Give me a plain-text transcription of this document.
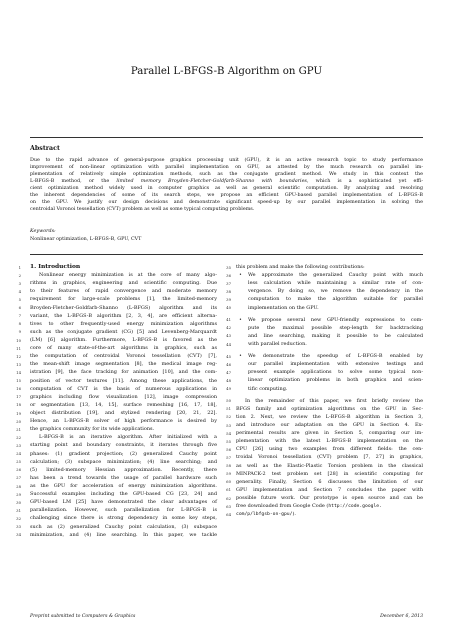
Parallel L-BFGS-B Algorithm on GPU
Abstract
Due to the rapid advance of general-purpose graphics processing unit (GPU), it is an active research topic to study performance
improvement of non-linear optimization with parallel implementation on GPU, as attested by the much research on parallel im-
plementation of relatively simple optimization methods, such as the conjugate gradient method. We study in this context the
L-BFGS-B method, or the limited memory Broyden-Fletcher-Goldfarb-Shanno with boundaries, which is a sophisticated yet effi-
cient optimization method widely used in computer graphics as well as general scientific computation. By analyzing and resolving
the inherent dependencies of some of its search steps, we propose an efficient GPU-based parallel implementation of L-BFGS-B
on the GPU. We justify our design decisions and demonstrate significant speed-up by our parallel implementation in solving the
centroidal Voronoi tessellation (CVT) problem as well as some typical computing problems.
Keywords:
Nonlinear optimization, L-BFGS-B, GPU, CVT
1 1. Introduction
2	Nonlinear energy minimization is at the core of many algo-
3 rithms in graphics, engineering and scientific computing. Due
4 to their features of rapid convergence and moderate memory
5 requirement for large-scale problems [1], the limited-memory
6 Broyden-Fletcher-Goldfarb-Shanno (L-BFGS) algorithm and its
7 variant, the L-BFGS-B algorithm [2, 3, 4], are efficient alterna-
8 tives to other frequently-used energy minimization algorithms
9 such as the conjugate gradient (CG) [5] and Levenberg-Marquardt
10 (LM) [6] algorithm. Furthermore, L-BFGS-B is favored as the
11 core of many state-of-the-art algorithms in graphics, such as
12 the computation of centroidal Voronoi tessellation (CVT) [7],
13 the mean-shift image segmentation [8], the medical image reg-
14 istration [9], the face tracking for animation [10], and the com-
15 position of vector textures [11]. Among these applications, the
16 computation of CVT is the basis of numerous applications in
17 graphics including flow visualization [12], image compression
18 or segmentation [13, 14, 15], surface remeshing [16, 17, 18],
19 object distribution [19], and stylized rendering [20, 21, 22].
20 Hence, an L-BFGS-B solver of high performance is desired by
21 the graphics community for its wide applications.
22	L-BFGS-B is an iterative algorithm. After initialized with a
23 starting point and boundary constraints, it iterates through five
24 phases: (1) gradient projection; (2) generalized Cauchy point
25 calculation; (3) subspace minimization; (4) line searching; and
26 (5) limited-memory Hessian approximation. Recently, there
27 has been a trend towards the usage of parallel hardware such
28 as the GPU for acceleration of energy minimization algorithms.
29 Successful examples including the GPU-based CG [23, 24] and
30 GPU-based LM [25] have demonstrated the clear advantages of
31 parallelization. However, such parallelization for L-BFGS-B is
32 challenging since there is strong dependency in some key steps,
33 such as (2) generalized Cauchy point calculation, (3) subspace
34 minimization, and (4) line searching. In this paper, we tackle
35 this problem and make the following contributions:
36	We approximate the generalized Cauchy point with much
•
37	less calculation while maintaining a similar rate of con-
38	vergence. By doing so, we remove the dependency in the
39	computation to make the algorithm suitable for parallel
40	implementation on the GPU.
41	We propose several new GPU-friendly expressions to com-
•
42	pute the maximal possible step-length for backtracking
43	and line searching, making it possible to be calculated
44	with parallel reduction.
45	We demonstrate the speedup of L-BFGS-B enabled by
•
46	our parallel implementation with extensive testings and
47	present example applications to solve some typical non-
48	linear optimization problems in both graphics and scien-
49	tific computing.
50	In the remainder of this paper, we first briefly review the
51 BFGS family and optimization algorithms on the GPU in Sec-
52 tion 2. Next, we review the L-BFGS-B algorithm in Section 3,
53 and introduce our adaptation on the GPU in Section 4. Ex-
54 perimental results are given in Section 5, comparing our im-
55 plementation with the latest L-BFGS-B implementation on the
56 CPU [26] using two examples from different fields: the cen-
57 troidal Voronoi tessellation (CVT) problem [7, 27] in graphics,
58 as well as the Elastic-Plastic Torsion problem in the classical
59 MINPACK-2 test problem set [28] in scientific computing for
60 generality. Finally, Section 6 discusses the limitation of our
61 GPU implementation and Section 7 concludes the paper with
62 possible future work. Our prototype is open source and can be
63 free downloaded from Google Code (http://code.google.
64 com/p/lbfgsb-on-gpu/).
Preprint submitted to Computers & Graphics	December 6, 2013
